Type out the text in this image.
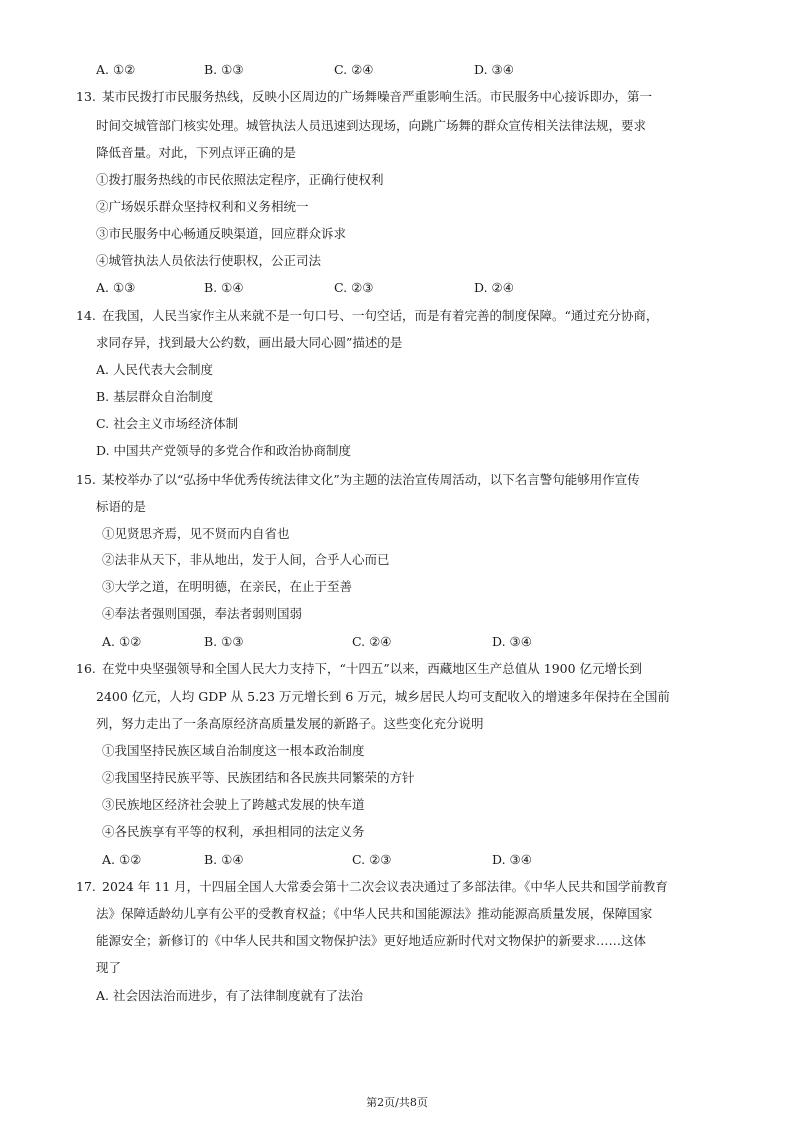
A. ①②	B. ①③	C. ②④	D. ③④
13. 某市民拨打市民服务热线，反映小区周边的广场舞噪音严重影响生活。市民服务中心接诉即办，第一
时间交城管部门核实处理。城管执法人员迅速到达现场，向跳广场舞的群众宣传相关法律法规，要求
降低音量。对此，下列点评正确的是
①拨打服务热线的市民依照法定程序，正确行使权利
②广场娱乐群众坚持权利和义务相统一
③市民服务中心畅通反映渠道，回应群众诉求
④城管执法人员依法行使职权，公正司法
A. ①③	B. ①④	C. ②③	D. ②④
14. 在我国，人民当家作主从来就不是一句口号、一句空话，而是有着完善的制度保障。“通过充分协商，
求同存异，找到最大公约数，画出最大同心圆”描述的是
A. 人民代表大会制度
B. 基层群众自治制度
C. 社会主义市场经济体制
D. 中国共产党领导的多党合作和政治协商制度
15. 某校举办了以“弘扬中华优秀传统法律文化”为主题的法治宣传周活动，以下名言警句能够用作宣传
标语的是
①见贤思齐焉，见不贤而内自省也
②法非从天下，非从地出，发于人间，合乎人心而已
③大学之道，在明明德，在亲民，在止于至善
④奉法者强则国强，奉法者弱则国弱
A. ①②	B. ①③	C. ②④	D. ③④
16. 在党中央坚强领导和全国人民大力支持下，“十四五”以来，西藏地区生产总值从 1900 亿元增长到
2400 亿元，人均 GDP 从 5.23 万元增长到 6 万元，城乡居民人均可支配收入的增速多年保持在全国前
列，努力走出了一条高原经济高质量发展的新路子。这些变化充分说明
①我国坚持民族区域自治制度这一根本政治制度
②我国坚持民族平等、民族团结和各民族共同繁荣的方针
③民族地区经济社会驶上了跨越式发展的快车道
④各民族享有平等的权利，承担相同的法定义务
A. ①②	B. ①④	C. ②③	D. ③④
17. 2024 年 11 月，十四届全国人大常委会第十二次会议表决通过了多部法律。《中华人民共和国学前教育
法》保障适龄幼儿享有公平的受教育权益；《中华人民共和国能源法》推动能源高质量发展，保障国家
能源安全；新修订的《中华人民共和国文物保护法》更好地适应新时代对文物保护的新要求……这体
现了
A. 社会因法治而进步，有了法律制度就有了法治
第2页/共8页
